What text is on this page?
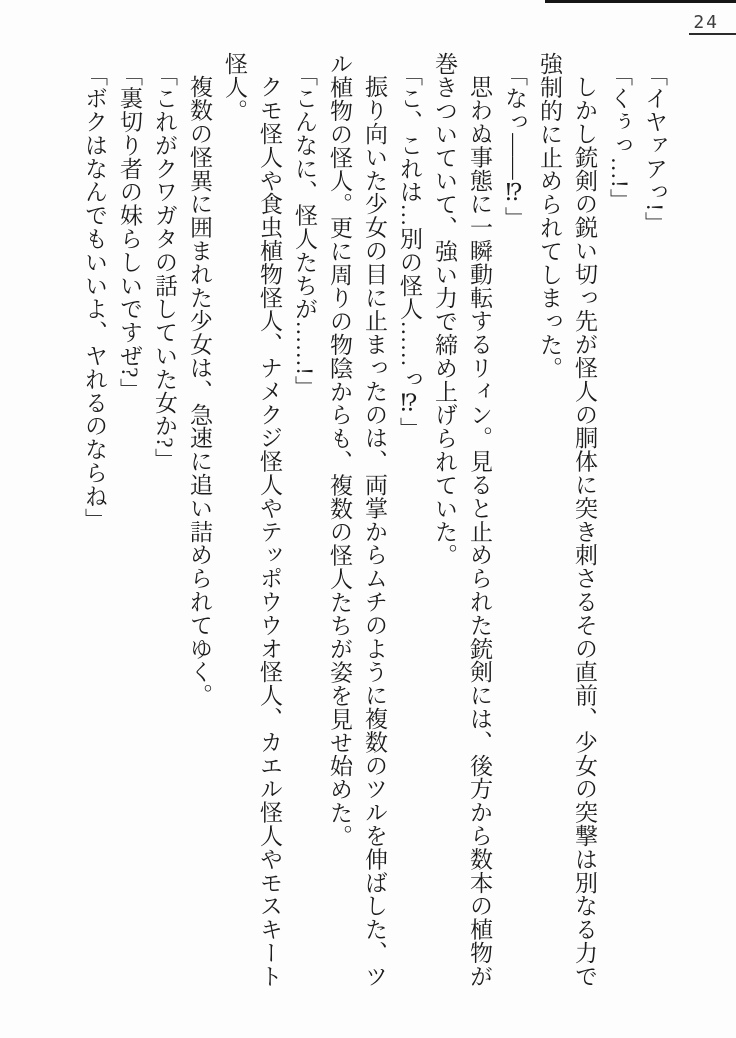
24

「イヤァアっ!」

「くぅっ…!」

しかし銃剣の鋭い切っ先が怪人の胴体に突き刺さるその直前、少女の突撃は別なる力で強制的に止められてしまった。

「なっ――⁉」

思わぬ事態に一瞬動転するリィン。見ると止められた銃剣には、後方から数本の植物が巻きついていて、強い力で締め上げられていた。

「こ、これは…別の怪人……っ⁉」

振り向いた少女の目に止まったのは、両掌からムチのように複数のツルを伸ばした、ツル植物の怪人。更に周りの物陰からも、複数の怪人たちが姿を見せ始めた。

「こんなに、怪人たちが……!」

クモ怪人や食虫植物怪人、ナメクジ怪人やテッポウウオ怪人、カエル怪人やモスキート怪人。

複数の怪異に囲まれた少女は、急速に追い詰められてゆく。

「これがクワガタの話していた女か?」

「裏切り者の妹らしいですぜ?」

「ボクはなんでもいいよ、ヤれるのならね」
